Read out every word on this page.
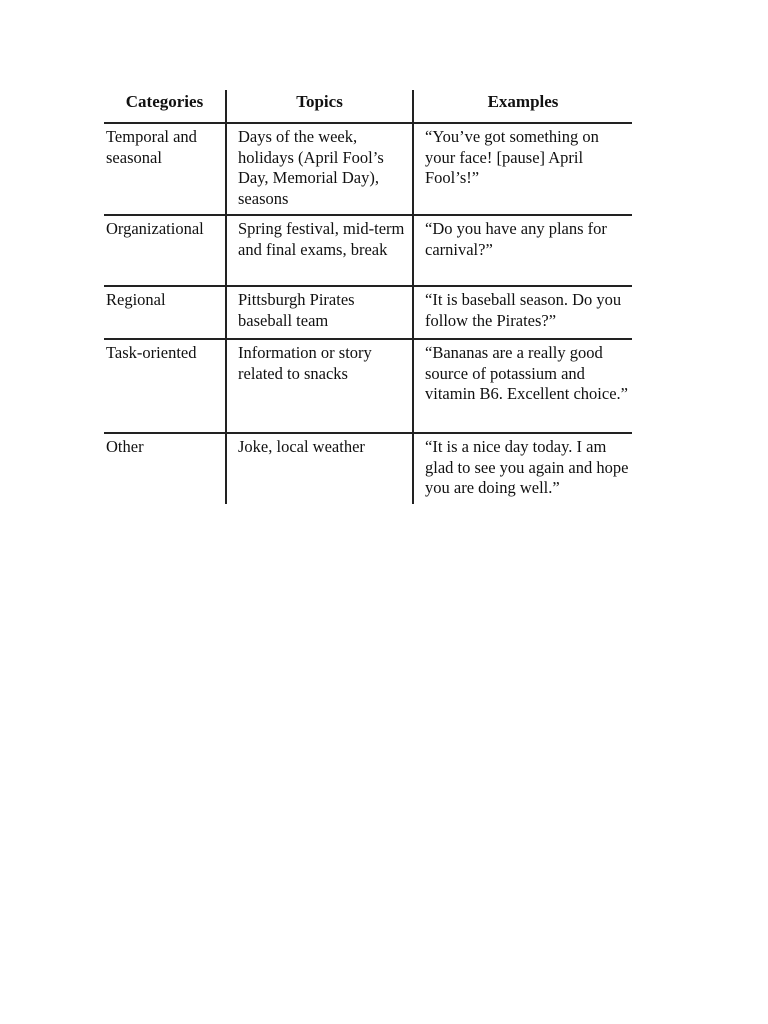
Categories	Topics	Examples
Temporal and seasonal	Days of the week, holidays (April Fool’s Day, Memorial Day), seasons	“You’ve got something on your face! [pause] April Fool’s!”
Organizational	Spring festival, mid-term and final exams, break	“Do you have any plans for carnival?”
Regional	Pittsburgh Pirates baseball team	“It is baseball season. Do you follow the Pirates?”
Task-oriented	Information or story related to snacks	“Bananas are a really good source of potassium and vitamin B6. Excellent choice.”
Other	Joke, local weather	“It is a nice day today. I am glad to see you again and hope you are doing well.”
